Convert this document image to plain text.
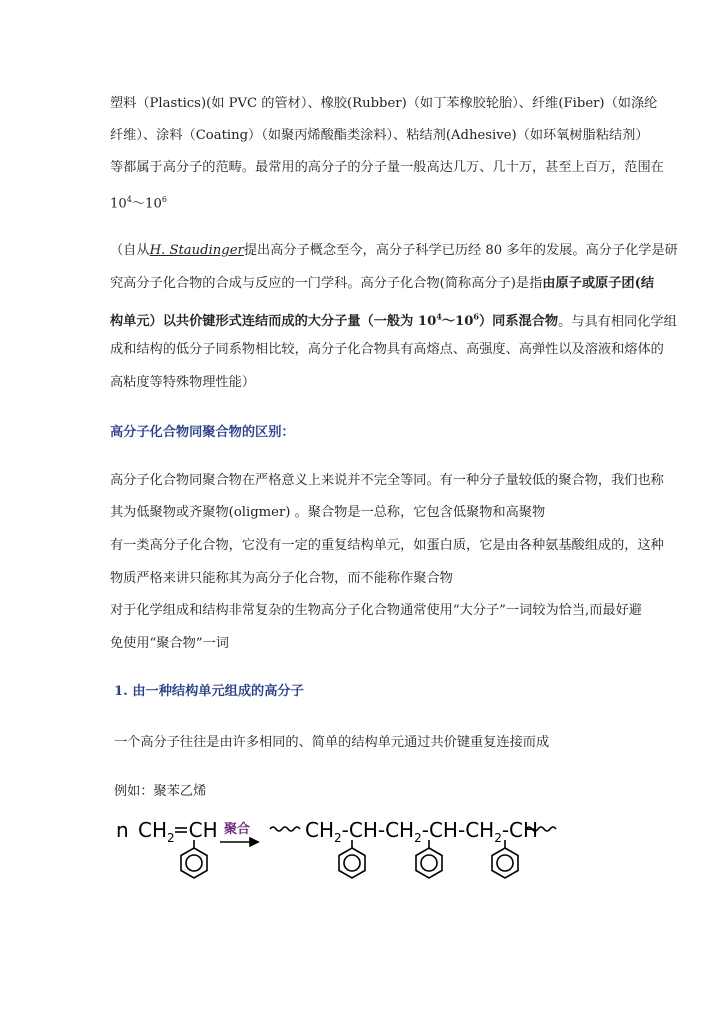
塑料（Plastics)(如 PVC 的管材）、橡胶(Rubber)（如丁苯橡胶轮胎）、纤维(Fiber)（如涤纶
纤维）、涂料（Coating）（如聚丙烯酸酯类涂料）、粘结剂(Adhesive)（如环氧树脂粘结剂）
等都属于高分子的范畴。最常用的高分子的分子量一般高达几万、几十万，甚至上百万，范围在
$10^4\sim 10^6$
（自从H. Staudinger提出高分子概念至今，高分子科学已历经 80 多年的发展。高分子化学是研
究高分子化合物的合成与反应的一门学科。高分子化合物(简称高分子)是指由原子或原子团(结
构单元）以共价键形式连结而成的大分子量（一般为 $10^4\sim 10^6$）同系混合物。与具有相同化学组
成和结构的低分子同系物相比较，高分子化合物具有高熔点、高强度、高弹性以及溶液和熔体的
高粘度等特殊物理性能）
高分子化合物同聚合物的区别：
高分子化合物同聚合物在严格意义上来说并不完全等同。有一种分子量较低的聚合物，我们也称
其为低聚物或齐聚物(oligmer) 。聚合物是一总称，它包含低聚物和高聚物
有一类高分子化合物，它没有一定的重复结构单元，如蛋白质，它是由各种氨基酸组成的，这种
物质严格来讲只能称其为高分子化合物，而不能称作聚合物
对于化学组成和结构非常复杂的生物高分子化合物通常使用“大分子”一词较为恰当,而最好避
免使用“聚合物”一词
1. 由一种结构单元组成的高分子
一个高分子往往是由许多相同的、简单的结构单元通过共价键重复连接而成
例如：聚苯乙烯
n $CH_2$ CH 聚合	$CH_2-CH-CH_2-CH-CH_2-CH$
